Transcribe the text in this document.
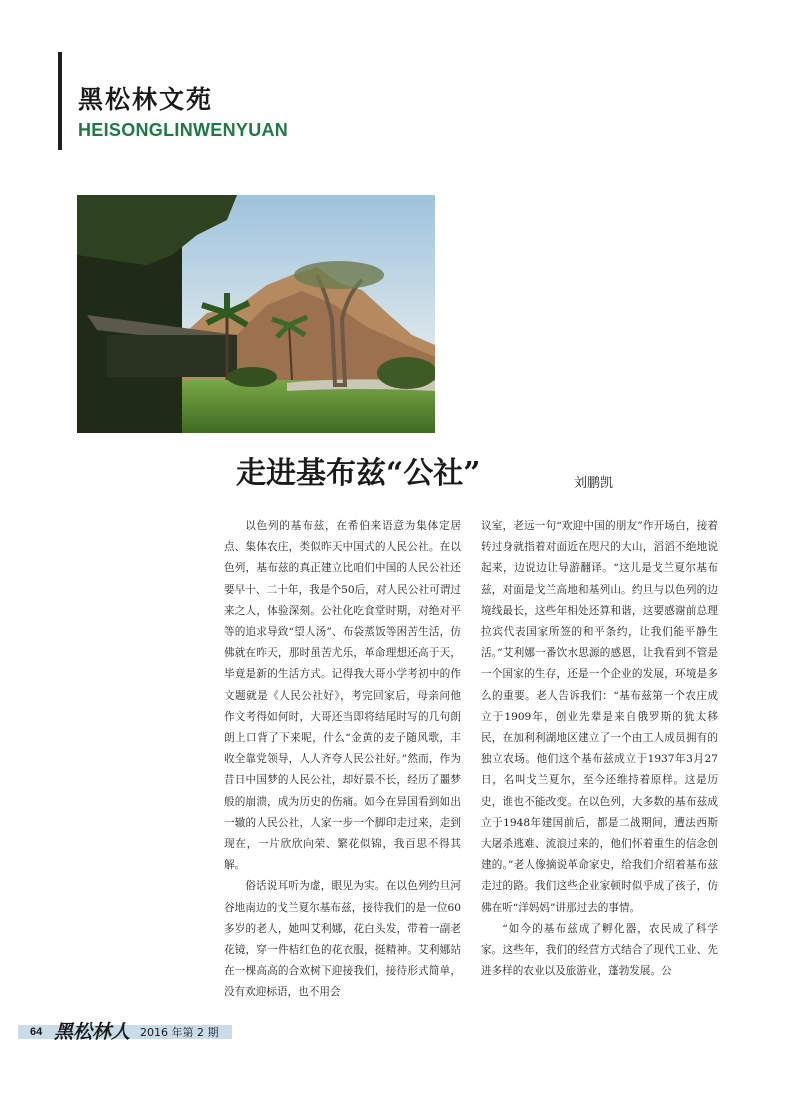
黑松林文苑
HEISONGLINWENYUAN
走进基布兹“公社”	刘鹏凯

以色列的基布兹，在希伯来语意为集体定居点、集体农庄，类似昨天中国式的人民公社。在以色列，基布兹的真正建立比咱们中国的人民公社还要早十、二十年，我是个50后，对人民公社可谓过来之人，体验深刻。公社化吃食堂时期，对绝对平等的追求导致“望人汤”、布袋蒸饭等困苦生活，仿佛就在昨天，那时虽苦尤乐，革命理想还高于天，毕竟是新的生活方式。记得我大哥小学考初中的作文题就是《人民公社好》，考完回家后，母亲问他作文考得如何时，大哥还当即将结尾时写的几句朗朗上口背了下来呢，什么“金黄的麦子随风歌，丰收全靠党领导，人人齐夸人民公社好。”然而，作为昔日中国梦的人民公社，却好景不长，经历了噩梦般的崩溃，成为历史的伤痛。如今在异国看到如出一辙的人民公社，人家一步一个脚印走过来，走到现在，一片欣欣向荣、繁花似锦，我百思不得其解。

俗话说耳听为虚，眼见为实。在以色列约旦河谷地南边的戈兰夏尔基布兹，接待我们的是一位60多岁的老人，她叫艾利娜，花白头发，带着一副老花镜，穿一件桔红色的花衣服，挺精神。艾利娜站在一棵高高的合欢树下迎接我们，接待形式简单，没有欢迎标语，也不用会

议室，老远一句“欢迎中国的朋友”作开场白，接着转过身就指着对面近在咫尺的大山，滔滔不绝地说起来，边说边让导游翻译。“这儿是戈兰夏尔基布兹，对面是戈兰高地和基列山。约旦与以色列的边境线最长，这些年相处还算和谐，这要感谢前总理拉宾代表国家所签的和平条约，让我们能平静生活。”艾利娜一番饮水思源的感恩，让我看到不管是一个国家的生存，还是一个企业的发展，环境是多么的重要。老人告诉我们：“基布兹第一个农庄成立于1909年，创业先辈是来自俄罗斯的犹太移民，在加利利湖地区建立了一个由工人成员拥有的独立农场。他们这个基布兹成立于1937年3月27日，名叫戈兰夏尔，至今还维持着原样。这是历史，谁也不能改变。在以色列，大多数的基布兹成立于1948年建国前后，都是二战期间，遭法西斯大屠杀逃难、流浪过来的，他们怀着重生的信念创建的。”老人像摘说革命家史，给我们介绍着基布兹走过的路。我们这些企业家顿时似乎成了孩子，仿佛在听“洋妈妈”讲那过去的事情。

“如今的基布兹成了孵化器，农民成了科学家。这些年，我们的经营方式结合了现代工业、先进多样的农业以及旅游业，蓬勃发展。公

64 黑松林人 2016 年第 2 期
